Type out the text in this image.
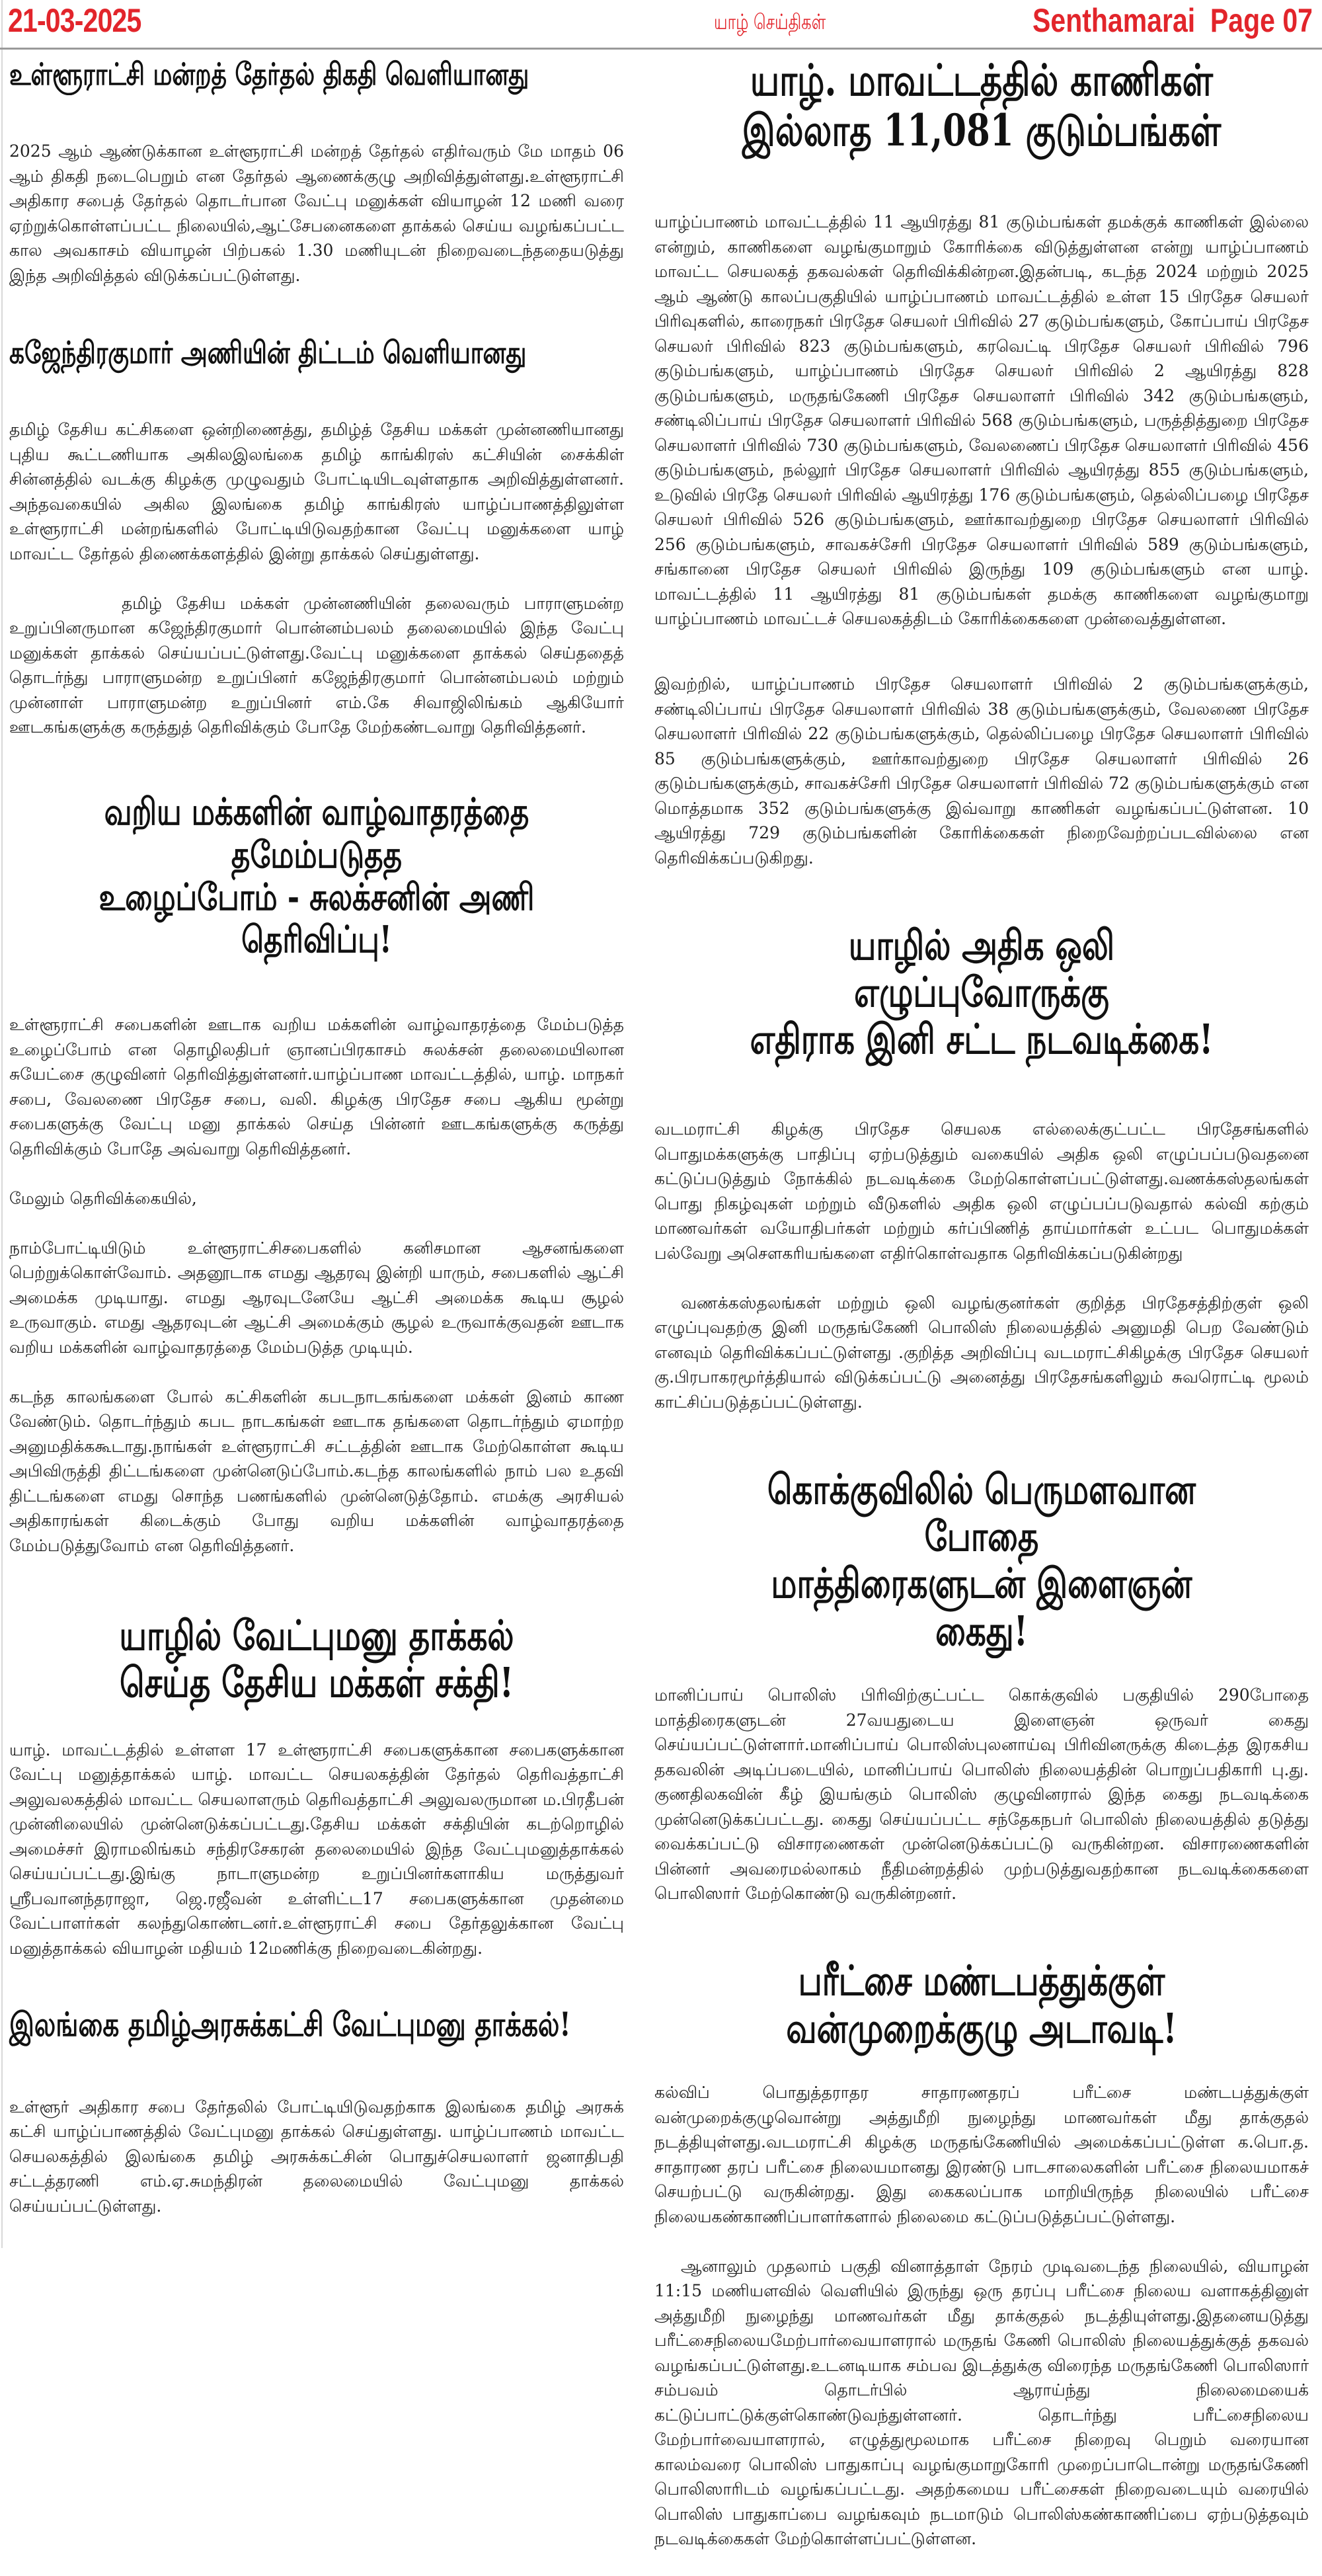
21-03-2025	யாழ் செய்திகள்	Senthamarai  Page 07
உள்ளூராட்சி மன்றத் தேர்தல் திகதி வெளியானது

2025 ஆம் ஆண்டுக்கான உள்ளூராட்சி மன்றத் தேர்தல் எதிர்வரும் மே மாதம் 06 ஆம் திகதி நடைபெறும் என தேர்தல் ஆணைக்குழு அறிவித்துள்ளது.உள்ளூராட்சி அதிகார சபைத் தேர்தல் தொடர்பான வேட்பு மனுக்கள் வியாழன் 12 மணி வரை ஏற்றுக்கொள்ளப்பட்ட நிலையில்,ஆட்சேபனைகளை தாக்கல் செய்ய வழங்கப்பட்ட கால அவகாசம் வியாழன் பிற்பகல் 1.30 மணியுடன் நிறைவடைந்ததையடுத்து இந்த அறிவித்தல் விடுக்கப்பட்டுள்ளது.

கஜேந்திரகுமார் அணியின் திட்டம் வெளியானது

தமிழ் தேசிய கட்சிகளை ஒன்றிணைத்து, தமிழ்த் தேசிய மக்கள் முன்னணியானது புதிய கூட்டணியாக அகிலஇலங்கை தமிழ் காங்கிரஸ் கட்சியின் சைக்கிள் சின்னத்தில் வடக்கு கிழக்கு முழுவதும் போட்டியிடவுள்ளதாக அறிவித்துள்ளனர். அந்தவகையில் அகில இலங்கை தமிழ் காங்கிரஸ் யாழ்ப்பாணத்திலுள்ள உள்ளூராட்சி மன்றங்களில் போட்டியிடுவதற்கான வேட்பு மனுக்களை யாழ் மாவட்ட தேர்தல் திணைக்களத்தில் இன்று தாக்கல் செய்துள்ளது.

தமிழ் தேசிய மக்கள் முன்னணியின் தலைவரும் பாராளுமன்ற உறுப்பினருமான கஜேந்திரகுமார் பொன்னம்பலம் தலைமையில் இந்த வேட்பு மனுக்கள் தாக்கல் செய்யப்பட்டுள்ளது.வேட்பு மனுக்களை தாக்கல் செய்ததைத் தொடர்ந்து பாராளுமன்ற உறுப்பினர் கஜேந்திரகுமார் பொன்னம்பலம் மற்றும் முன்னாள் பாராளுமன்ற உறுப்பினர் எம்.கே சிவாஜிலிங்கம் ஆகியோர் ஊடகங்களுக்கு கருத்துத் தெரிவிக்கும் போதே மேற்கண்டவாறு தெரிவித்தனர்.

வறிய மக்களின் வாழ்வாதரத்தை தமேம்படுதத
உழைப்போம் - சுலக்சனின் அணி தெரிவிப்பு!

உள்ளூராட்சி சபைகளின் ஊடாக வறிய மக்களின் வாழ்வாதரத்தை மேம்படுத்த உழைப்போம் என தொழிலதிபர் ஞானப்பிரகாசம் சுலக்சன் தலைமையிலான சுயேட்சை குழுவினர் தெரிவித்துள்ளனர்.யாழ்ப்பாண மாவட்டத்தில், யாழ். மாநகர் சபை, வேலணை பிரதேச சபை, வலி. கிழக்கு பிரதேச சபை ஆகிய மூன்று சபைகளுக்கு வேட்பு மனு தாக்கல் செய்த பின்னர் ஊடகங்களுக்கு கருத்து தெரிவிக்கும் போதே அவ்வாறு தெரிவித்தனர்.

மேலும் தெரிவிக்கையில்,

நாம்போட்டியிடும் உள்ளூராட்சிசபைகளில் கனிசமான ஆசனங்களை பெற்றுக்கொள்வோம். அதனூடாக எமது ஆதரவு இன்றி யாரும், சபைகளில் ஆட்சி அமைக்க முடியாது. எமது ஆரவுடனேயே ஆட்சி அமைக்க கூடிய சூழல் உருவாகும். எமது ஆதரவுடன் ஆட்சி அமைக்கும் சூழல் உருவாக்குவதன் ஊடாக வறிய மக்களின் வாழ்வாதரத்தை மேம்படுத்த முடியும்.

கடந்த காலங்களை போல் கட்சிகளின் கபடநாடகங்களை மக்கள் இனம் காண வேண்டும். தொடர்ந்தும் கபட நாடகங்கள் ஊடாக தங்களை தொடர்ந்தும் ஏமாற்ற அனுமதிக்ககூடாது.நாங்கள் உள்ளூராட்சி சட்டத்தின் ஊடாக மேற்கொள்ள கூடிய அபிவிருத்தி திட்டங்களை முன்னெடுப்போம்.கடந்த காலங்களில் நாம் பல உதவி திட்டங்களை எமது சொந்த பணங்களில் முன்னெடுத்தோம். எமக்கு அரசியல் அதிகாரங்கள் கிடைக்கும் போது வறிய மக்களின் வாழ்வாதரத்தை மேம்படுத்துவோம் என தெரிவித்தனர்.

யாழில் வேட்புமனு தாக்கல்
செய்த தேசிய மக்கள் சக்தி!

யாழ். மாவட்டத்தில் உள்ளள 17 உள்ளூராட்சி சபைகளுக்கான சபைகளுக்கான வேட்பு மனுத்தாக்கல் யாழ். மாவட்ட செயலகத்தின் தேர்தல் தெரிவத்தாட்சி அலுவலகத்தில் மாவட்ட செயலாளரும் தெரிவத்தாட்சி அலுவலருமான ம.பிரதீபன் முன்னிலையில் முன்னெடுக்கப்பட்டது.தேசிய மக்கள் சக்தியின் கடற்றொழில் அமைச்சர் இராமலிங்கம் சந்திரசேகரன் தலைமையில் இந்த வேட்புமனுத்தாக்கல் செய்யப்பட்டது.இங்கு நாடாளுமன்ற உறுப்பினர்களாகிய மருத்துவர் ஸ்ரீபவானந்தராஜா, ஜெ.ரஜீவன் உள்ளிட்ட17 சபைகளுக்கான முதன்மை வேட்பாளர்கள் கலந்துகொண்டனர்.உள்ளூராட்சி சபை தேர்தலுக்கான வேட்பு மனுத்தாக்கல் வியாழன் மதியம் 12மணிக்கு நிறைவடைகின்றது.

இலங்கை தமிழ்அரசுக்கட்சி வேட்புமனு தாக்கல்!

உள்ளூர் அதிகார சபை தேர்தலில் போட்டியிடுவதற்காக இலங்கை தமிழ் அரசுக் கட்சி யாழ்ப்பாணத்தில் வேட்புமனு தாக்கல் செய்துள்ளது. யாழ்ப்பாணம் மாவட்ட செயலகத்தில் இலங்கை தமிழ் அரசுக்கட்சின் பொதுச்செயலாளர் ஜனாதிபதி சட்டத்தரணி எம்.ஏ.சுமந்திரன் தலைமையில் வேட்புமனு தாக்கல் செய்யப்பட்டுள்ளது.

யாழ். மாவட்டத்தில் காணிகள்
இல்லாத 11,081 குடும்பங்கள்

யாழ்ப்பாணம் மாவட்டத்தில் 11 ஆயிரத்து 81 குடும்பங்கள் தமக்குக் காணிகள் இல்லை என்றும், காணிகளை வழங்குமாறும் கோரிக்கை விடுத்துள்ளன என்று யாழ்ப்பாணம் மாவட்ட செயலகத் தகவல்கள் தெரிவிக்கின்றன.இதன்படி, கடந்த 2024 மற்றும் 2025 ஆம் ஆண்டு காலப்பகுதியில் யாழ்ப்பாணம் மாவட்டத்தில் உள்ள 15 பிரதேச செயலர் பிரிவுகளில், காரைநகர் பிரதேச செயலர் பிரிவில் 27 குடும்பங்களும், கோப்பாய் பிரதேச செயலர் பிரிவில் 823 குடும்பங்களும், கரவெட்டி பிரதேச செயலர் பிரிவில் 796 குடும்பங்களும், யாழ்ப்பாணம் பிரதேச செயலர் பிரிவில் 2 ஆயிரத்து 828 குடும்பங்களும், மருதங்கேணி பிரதேச செயலாளர் பிரிவில் 342 குடும்பங்களும், சண்டிலிப்பாய் பிரதேச செயலாளர் பிரிவில் 568 குடும்பங்களும், பருத்தித்துறை பிரதேச செயலாளர் பிரிவில் 730 குடும்பங்களும், வேலணைப் பிரதேச செயலாளர் பிரிவில் 456 குடும்பங்களும், நல்லூர் பிரதேச செயலாளர் பிரிவில் ஆயிரத்து 855 குடும்பங்களும், உடுவில் பிரதே செயலர் பிரிவில் ஆயிரத்து 176 குடும்பங்களும், தெல்லிப்பழை பிரதேச செயலர் பிரிவில் 526 குடும்பங்களும், ஊர்காவற்துறை பிரதேச செயலாளர் பிரிவில் 256 குடும்பங்களும், சாவகச்சேரி பிரதேச செயலாளர் பிரிவில் 589 குடும்பங்களும், சங்கானை பிரதேச செயலர் பிரிவில் இருந்து 109 குடும்பங்களும் என யாழ். மாவட்டத்தில் 11 ஆயிரத்து 81 குடும்பங்கள் தமக்கு காணிகளை வழங்குமாறு யாழ்ப்பாணம் மாவட்டச் செயலகத்திடம் கோரிக்கைகளை முன்வைத்துள்ளன.

இவற்றில், யாழ்ப்பாணம் பிரதேச செயலாளர் பிரிவில் 2 குடும்பங்களுக்கும், சண்டிலிப்பாய் பிரதேச செயலாளர் பிரிவில் 38 குடும்பங்களுக்கும், வேலணை பிரதேச செயலாளர் பிரிவில் 22 குடும்பங்களுக்கும், தெல்லிப்பழை பிரதேச செயலாளர் பிரிவில் 85 குடும்பங்களுக்கும், ஊர்காவற்துறை பிரதேச செயலாளர் பிரிவில் 26 குடும்பங்களுக்கும், சாவகச்சேரி பிரதேச செயலாளர் பிரிவில் 72 குடும்பங்களுக்கும் என மொத்தமாக 352 குடும்பங்களுக்கு இவ்வாறு காணிகள் வழங்கப்பட்டுள்ளன. 10 ஆயிரத்து 729 குடும்பங்களின் கோரிக்கைகள் நிறைவேற்றப்படவில்லை என தெரிவிக்கப்படுகிறது.

யாழில் அதிக ஒலி எழுப்புவோருக்கு
எதிராக இனி சட்ட நடவடிக்கை!

வடமராட்சி கிழக்கு பிரதேச செயலக எல்லைக்குட்பட்ட பிரதேசங்களில் பொதுமக்களுக்கு பாதிப்பு ஏற்படுத்தும் வகையில் அதிக ஒலி எழுப்பப்படுவதனை கட்டுப்படுத்தும் நோக்கில் நடவடிக்கை மேற்கொள்ளப்பட்டுள்ளது.வணக்கஸ்தலங்கள் பொது நிகழ்வுகள் மற்றும் வீடுகளில் அதிக ஒலி எழுப்பப்படுவதால் கல்வி கற்கும் மாணவர்கள் வயோதிபர்கள் மற்றும் கர்ப்பிணித் தாய்மார்கள் உட்பட பொதுமக்கள் பல்வேறு அசௌகரியங்களை எதிர்கொள்வதாக தெரிவிக்கப்படுகின்றது

வணக்கஸ்தலங்கள் மற்றும் ஒலி வழங்குனர்கள் குறித்த பிரதேசத்திற்குள் ஒலி எழுப்புவதற்கு இனி மருதங்கேணி பொலிஸ் நிலையத்தில் அனுமதி பெற வேண்டும் எனவும் தெரிவிக்கப்பட்டுள்ளது .குறித்த அறிவிப்பு வடமராட்சிகிழக்கு பிரதேச செயலர் கு.பிரபாகரமூர்த்தியால் விடுக்கப்பட்டு அனைத்து பிரதேசங்களிலும் சுவரொட்டி மூலம் காட்சிப்படுத்தப்பட்டுள்ளது.

கொக்குவிலில் பெருமளவான போதை
மாத்திரைகளுடன் இளைஞன் கைது!

மானிப்பாய் பொலிஸ் பிரிவிற்குட்பட்ட கொக்குவில் பகுதியில் 290போதை மாத்திரைகளுடன் 27வயதுடைய இளைஞன் ஒருவர் கைது செய்யப்பட்டுள்ளார்.மானிப்பாய் பொலிஸ்புலனாய்வு பிரிவினருக்கு கிடைத்த இரகசிய தகவலின் அடிப்படையில், மானிப்பாய் பொலிஸ் நிலையத்தின் பொறுப்பதிகாரி பு.து. குணதிலகவின் கீழ் இயங்கும் பொலிஸ் குழுவினரால் இந்த கைது நடவடிக்கை முன்னெடுக்கப்பட்டது. கைது செய்யப்பட்ட சந்தேகநபர் பொலிஸ் நிலையத்தில் தடுத்து வைக்கப்பட்டு விசாரணைகள் முன்னெடுக்கப்பட்டு வருகின்றன. விசாரணைகளின் பின்னர் அவரைமல்லாகம் நீதிமன்றத்தில் முற்படுத்துவதற்கான நடவடிக்கைகளை பொலிஸார் மேற்கொண்டு வருகின்றனர்.

பரீட்சை மண்டபத்துக்குள்
வன்முறைக்குழு அடாவடி!

கல்விப் பொதுத்தராதர சாதாரணதரப் பரீட்சை மண்டபத்துக்குள் வன்முறைக்குழுவொன்று அத்துமீறி நுழைந்து மாணவர்கள் மீது தாக்குதல் நடத்தியுள்ளது.வடமராட்சி கிழக்கு மருதங்கேணியில் அமைக்கப்பட்டுள்ள க.பொ.த. சாதாரண தரப் பரீட்சை நிலையமானது இரண்டு பாடசாலைகளின் பரீட்சை நிலையமாகச் செயற்பட்டு வருகின்றது. இது கைகலப்பாக மாறியிருந்த நிலையில் பரீட்சை நிலையகண்காணிப்பாளர்களால் நிலைமை கட்டுப்படுத்தப்பட்டுள்ளது.

ஆனாலும் முதலாம் பகுதி வினாத்தாள் நேரம் முடிவடைந்த நிலையில், வியாழன் 11:15 மணியளவில் வெளியில் இருந்து ஒரு தரப்பு பரீட்சை நிலைய வளாகத்தினுள் அத்துமீறி நுழைந்து மாணவர்கள் மீது தாக்குதல் நடத்தியுள்ளது.இதனையடுத்து பரீட்சைநிலையமேற்பார்வையாளரால் மருதங் கேணி பொலிஸ் நிலையத்துக்குத் தகவல் வழங்கப்பட்டுள்ளது.உடனடியாக சம்பவ இடத்துக்கு விரைந்த மருதங்கேணி பொலிஸார் சம்பவம் தொடர்பில் ஆராய்ந்து நிலைமையைக் கட்டுப்பாட்டுக்குள்கொண்டுவந்துள்ளனர். தொடர்ந்து பரீட்சைநிலைய மேற்பார்வையாளரால், எழுத்துமூலமாக பரீட்சை நிறைவு பெறும் வரையான காலம்வரை பொலிஸ் பாதுகாப்பு வழங்குமாறுகோரி முறைப்பாடொன்று மருதங்கேணி பொலிஸாரிடம் வழங்கப்பட்டது. அதற்கமைய பரீட்சைகள் நிறைவடையும் வரையில் பொலிஸ் பாதுகாப்பை வழங்கவும் நடமாடும் பொலிஸ்கண்காணிப்பை ஏற்படுத்தவும் நடவடிக்கைகள் மேற்கொள்ளப்பட்டுள்ளன.
